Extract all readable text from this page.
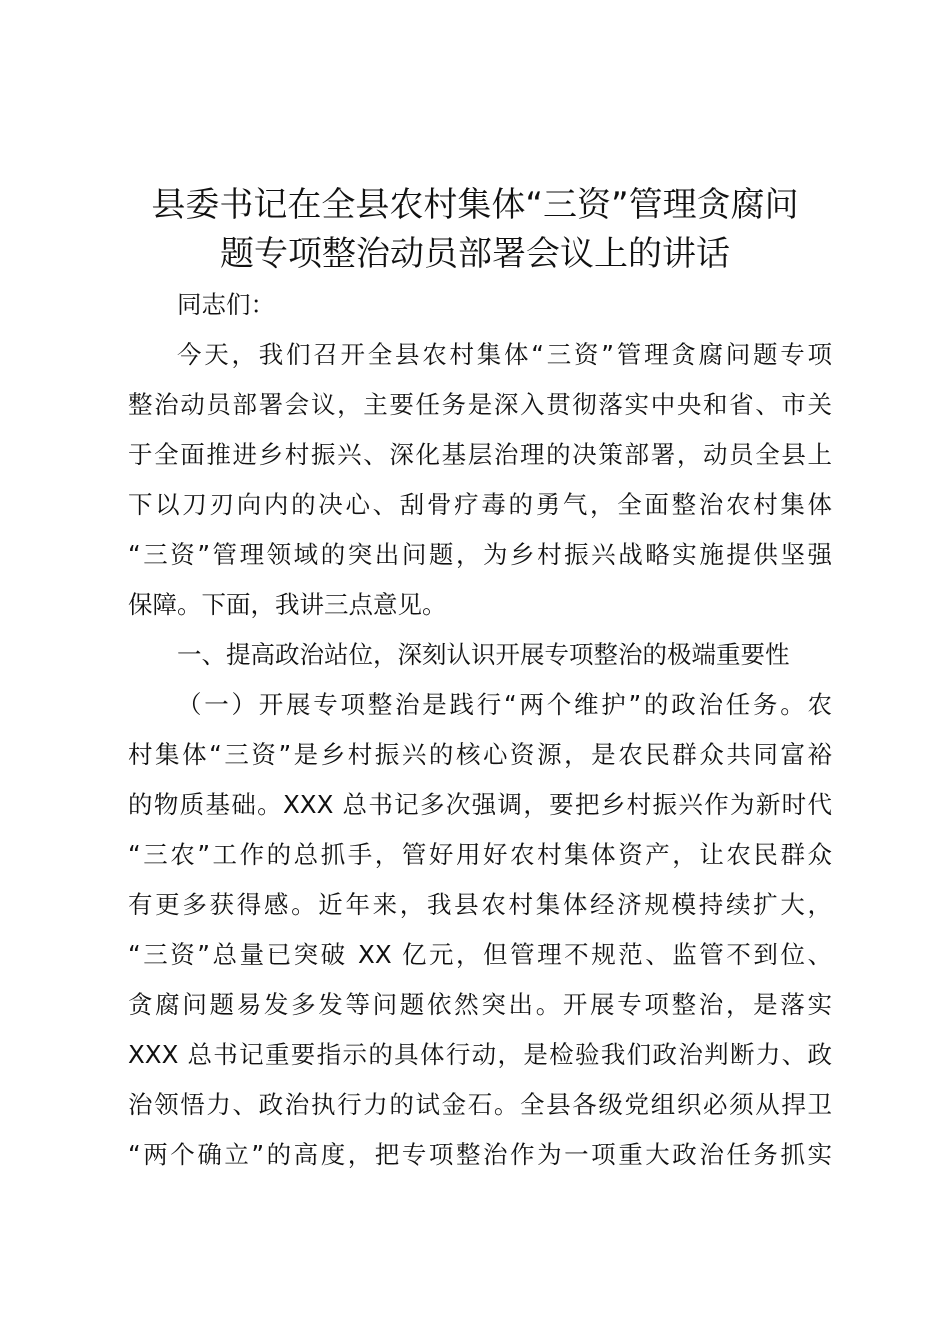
县委书记在全县农村集体“三资”管理贪腐问
题专项整治动员部署会议上的讲话
同志们：
今天，我们召开全县农村集体“三资”管理贪腐问题专项
整治动员部署会议，主要任务是深入贯彻落实中央和省、市关
于全面推进乡村振兴、深化基层治理的决策部署，动员全县上
下以刀刃向内的决心、刮骨疗毒的勇气，全面整治农村集体
“三资”管理领域的突出问题，为乡村振兴战略实施提供坚强
保障。下面，我讲三点意见。
一、提高政治站位，深刻认识开展专项整治的极端重要性
（一）开展专项整治是践行“两个维护”的政治任务。农
村集体“三资”是乡村振兴的核心资源，是农民群众共同富裕
的物质基础。XXX 总书记多次强调，要把乡村振兴作为新时代
“三农”工作的总抓手，管好用好农村集体资产，让农民群众
有更多获得感。近年来，我县农村集体经济规模持续扩大，
“三资”总量已突破 XX 亿元，但管理不规范、监管不到位、
贪腐问题易发多发等问题依然突出。开展专项整治，是落实
XXX 总书记重要指示的具体行动，是检验我们政治判断力、政
治领悟力、政治执行力的试金石。全县各级党组织必须从捍卫
“两个确立”的高度，把专项整治作为一项重大政治任务抓实
